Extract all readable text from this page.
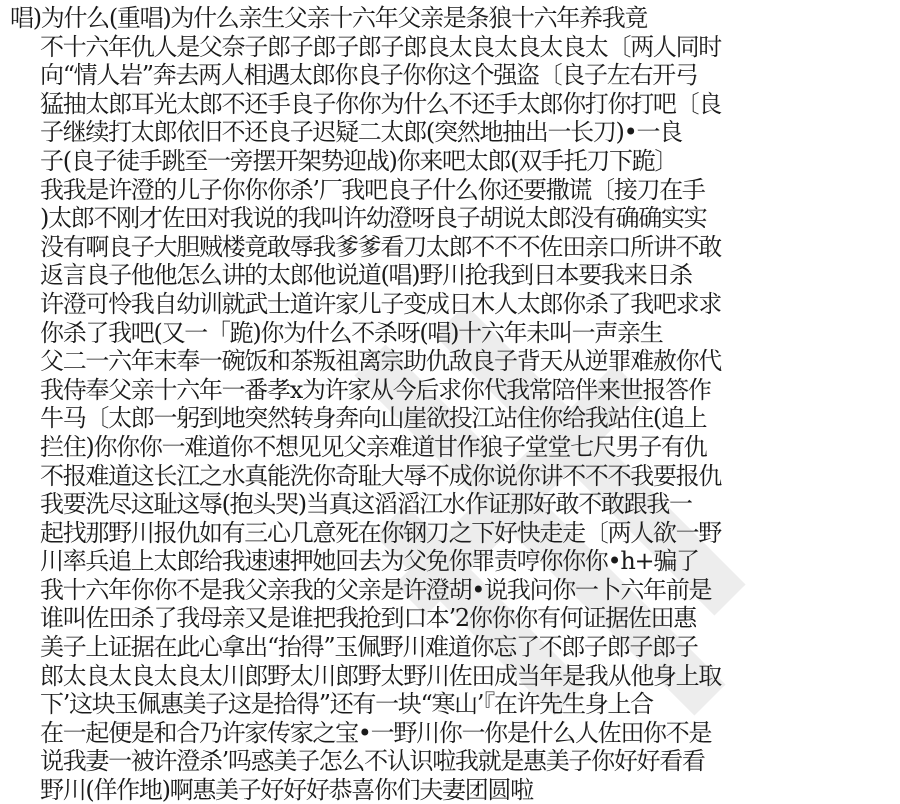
唱)为什么(重唱)为什么亲生父亲十六年父亲是条狼十六年养我竟
不十六年仇人是父奈子郎子郎子郎子郎良太良太良太良太〔两人同时
向“情人岩”奔去两人相遇太郎你良子你你这个强盗〔良子左右开弓
猛抽太郎耳光太郎不还手良子你你为什么不还手太郎你打你打吧〔良
子继续打太郎依旧不还良子迟疑二太郎(突然地抽出一长刀)•一良
子(良子徒手跳至一旁摆开架势迎战)你来吧太郎(双手托刀下跪〕
我我是许澄的儿子你你你杀’厂我吧良子什么你还要撒谎〔接刀在手
)太郎不刚才佐田对我说的我叫许幼澄呀良子胡说太郎没有确确实实
没有啊良子大胆贼楼竟敢辱我爹爹看刀太郎不不不佐田亲口所讲不敢
返言良子他他怎么讲的太郎他说道(唱)野川抢我到日本要我来日杀
许澄可怜我自幼训就武士道许家儿子变成日木人太郎你杀了我吧求求
你杀了我吧(又一「跪)你为什么不杀呀(唱)十六年未叫一声亲生
父二一六年末奉一碗饭和茶叛祖离宗助仇敌良子背天从逆罪难赦你代
我侍奉父亲十六年一番孝x为许家从今后求你代我常陪伴来世报答作
牛马〔太郎一躬到地突然转身奔向山崖欲投江站住你给我站住(追上
拦住)你你你一难道你不想见见父亲难道甘作狼子堂堂七尺男子有仇
不报难道这长江之水真能洗你奇耻大辱不成你说你讲不不不我要报仇
我要洗尽这耻这辱(抱头哭)当真这滔滔江水作证那好敢不敢跟我一
起找那野川报仇如有三心几意死在你钢刀之下好快走走〔两人欲一野
川率兵追上太郎给我速速押她回去为父免你罪责哼你你你•h+骗了
我十六年你你不是我父亲我的父亲是许澄胡•说我问你一卜六年前是
谁叫佐田杀了我母亲又是谁把我抢到口本’2你你你有何证据佐田惠
美子上证据在此心拿出“抬得”玉佩野川难道你忘了不郎子郎子郎子
郎太良太良太良太川郎野太川郎野太野川佐田成当年是我从他身上取
下’这块玉佩惠美子这是拾得”还有一块“寒山’『在许先生身上合
在一起便是和合乃许家传家之宝•一野川你一你是什么人佐田你不是
说我妻一被许澄杀’吗惑美子怎么不认识啦我就是惠美子你好好看看
野川(佯作地)啊惠美子好好好恭喜你们夫妻团圆啦
